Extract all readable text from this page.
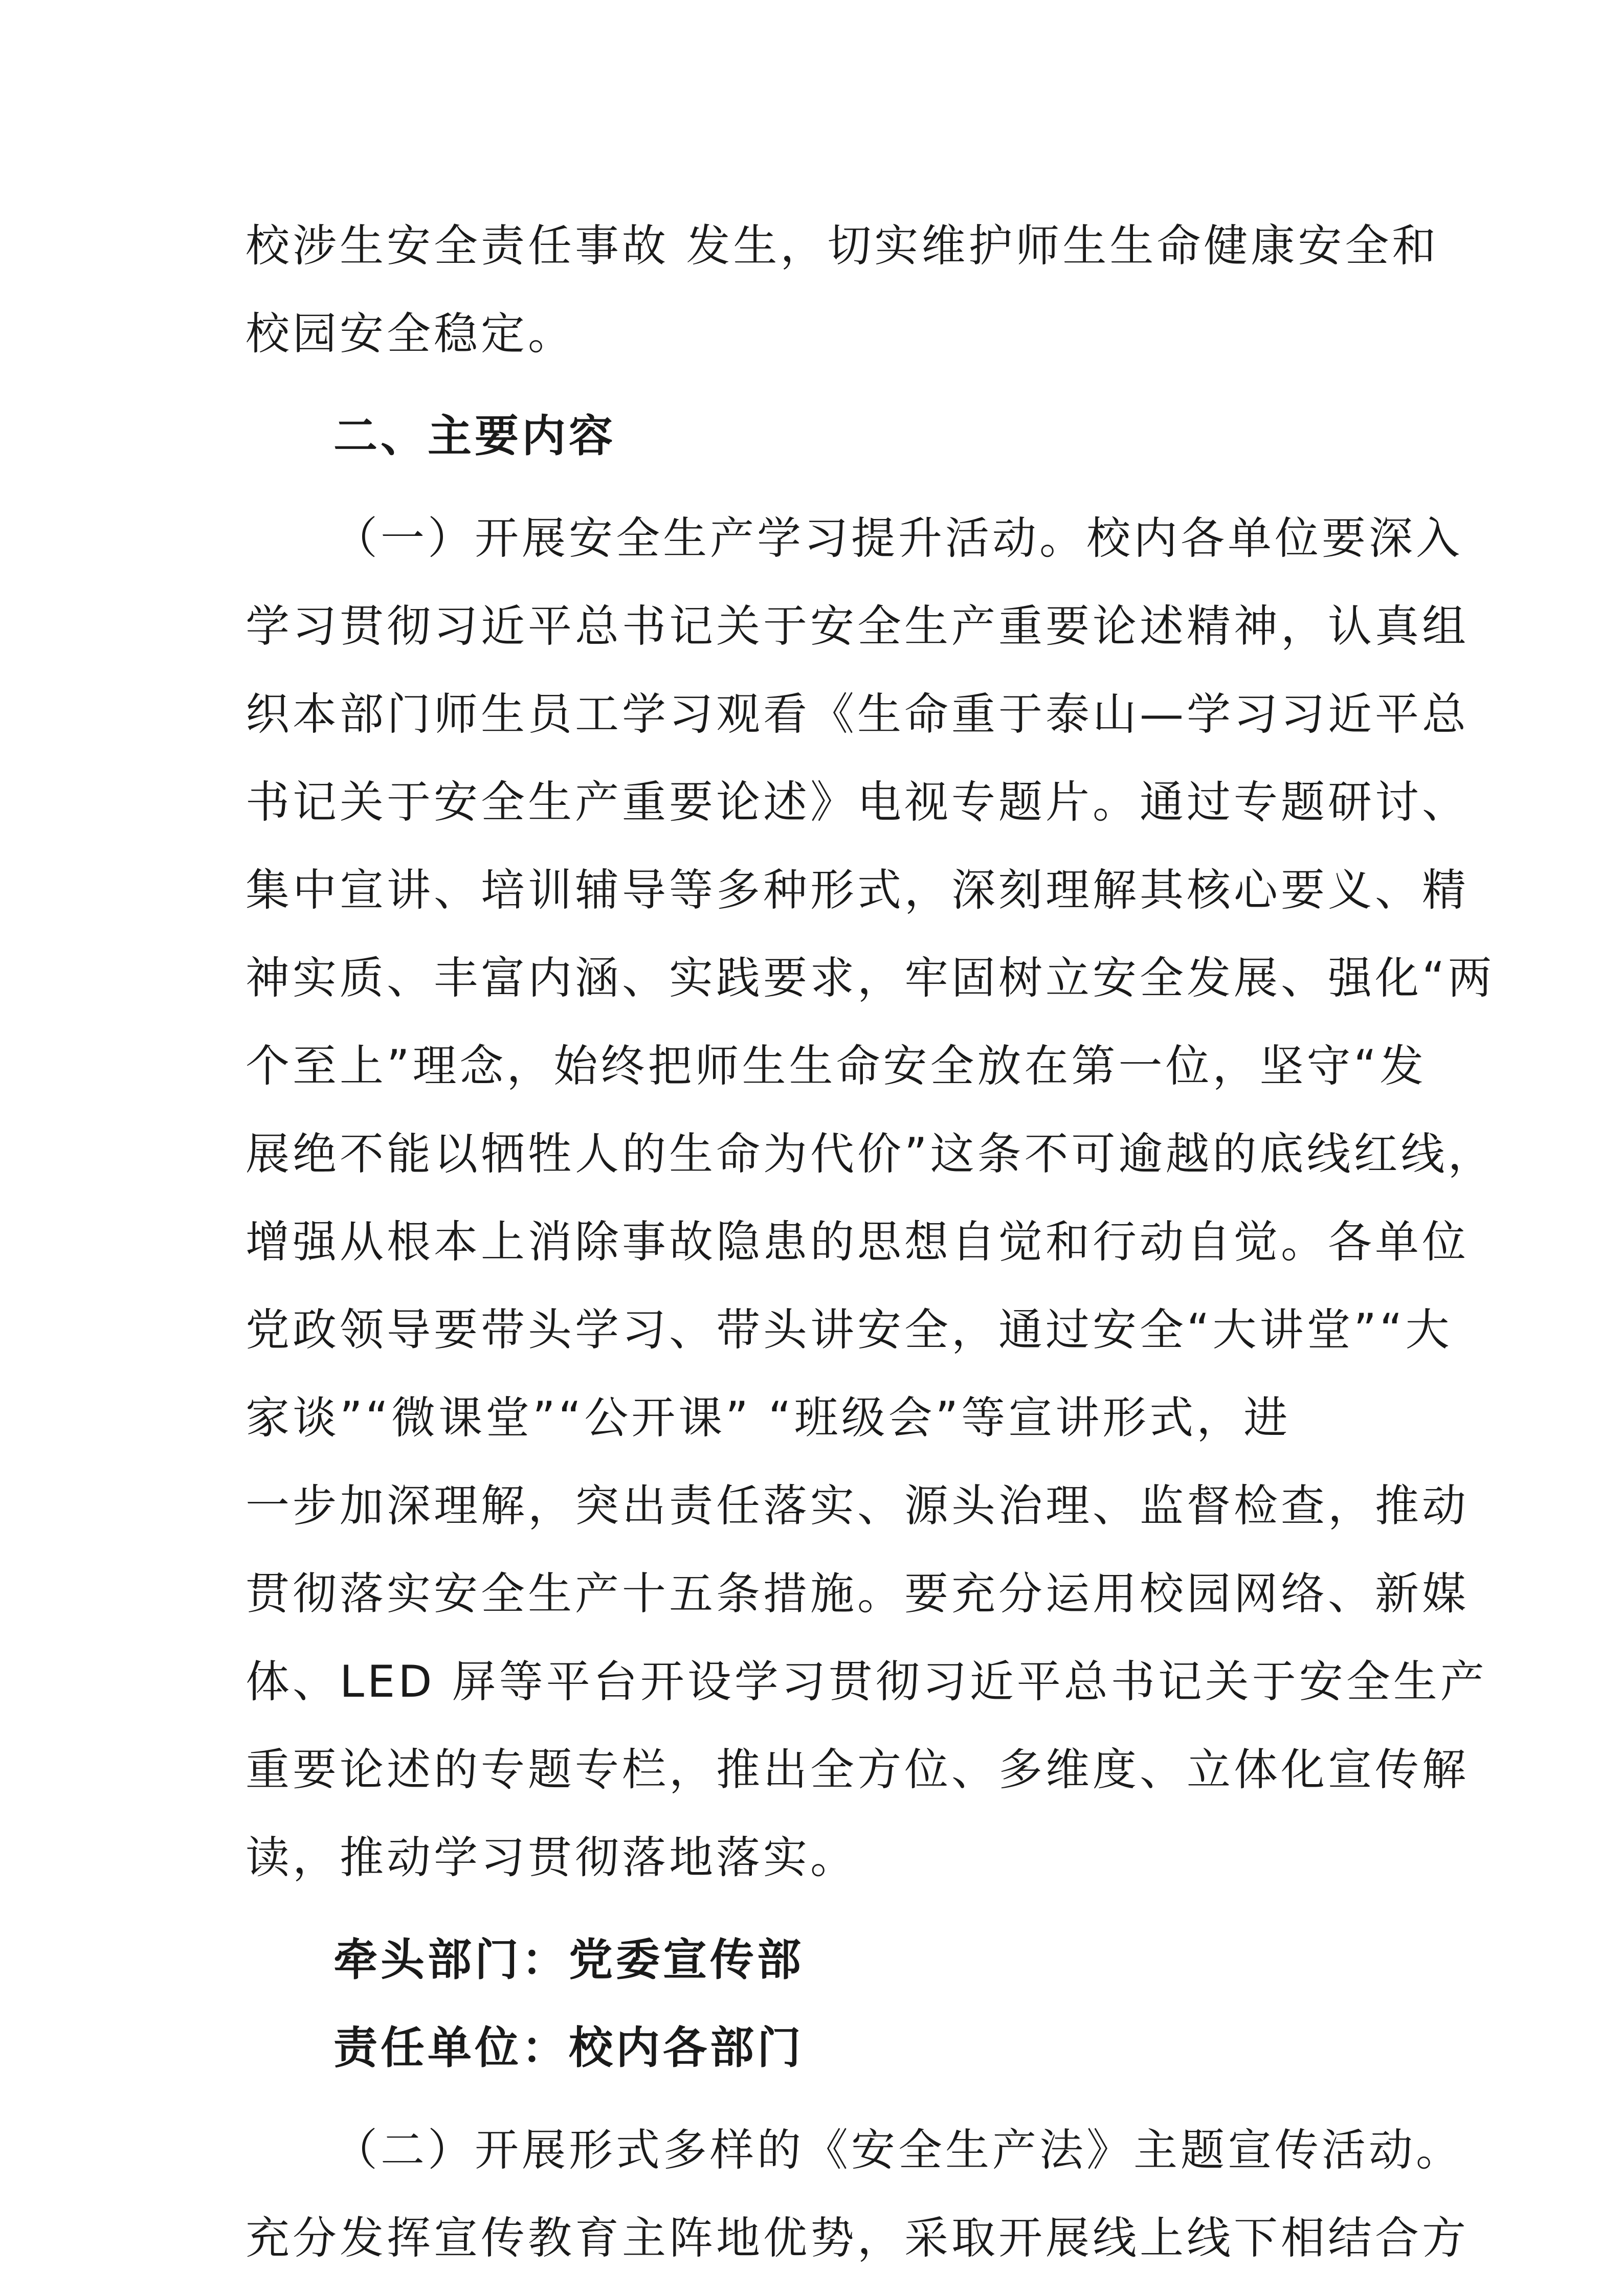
校涉生安全责任事故 发生，切实维护师生生命健康安全和
校园安全稳定。
二、主要内容
（一）开展安全生产学习提升活动。校内各单位要深入
学习贯彻习近平总书记关于安全生产重要论述精神，认真组
织本部门师生员工学习观看《生命重于泰山—学习习近平总
书记关于安全生产重要论述》电视专题片。通过专题研讨、
集中宣讲、培训辅导等多种形式，深刻理解其核心要义、精
神实质、丰富内涵、实践要求，牢固树立安全发展、强化“两
个至上”理念，始终把师生生命安全放在第一位，坚守“发
展绝不能以牺牲人的生命为代价”这条不可逾越的底线红线，
增强从根本上消除事故隐患的思想自觉和行动自觉。各单位
党政领导要带头学习、带头讲安全，通过安全“大讲堂”“大
家谈”“微课堂”“公开课” “班级会”等宣讲形式，进
一步加深理解，突出责任落实、源头治理、监督检查，推动
贯彻落实安全生产十五条措施。要充分运用校园网络、新媒
体、LED 屏等平台开设学习贯彻习近平总书记关于安全生产
重要论述的专题专栏，推出全方位、多维度、立体化宣传解
读，推动学习贯彻落地落实。
牵头部门：党委宣传部
责任单位：校内各部门
（二）开展形式多样的《安全生产法》主题宣传活动。
充分发挥宣传教育主阵地优势，采取开展线上线下相结合方
